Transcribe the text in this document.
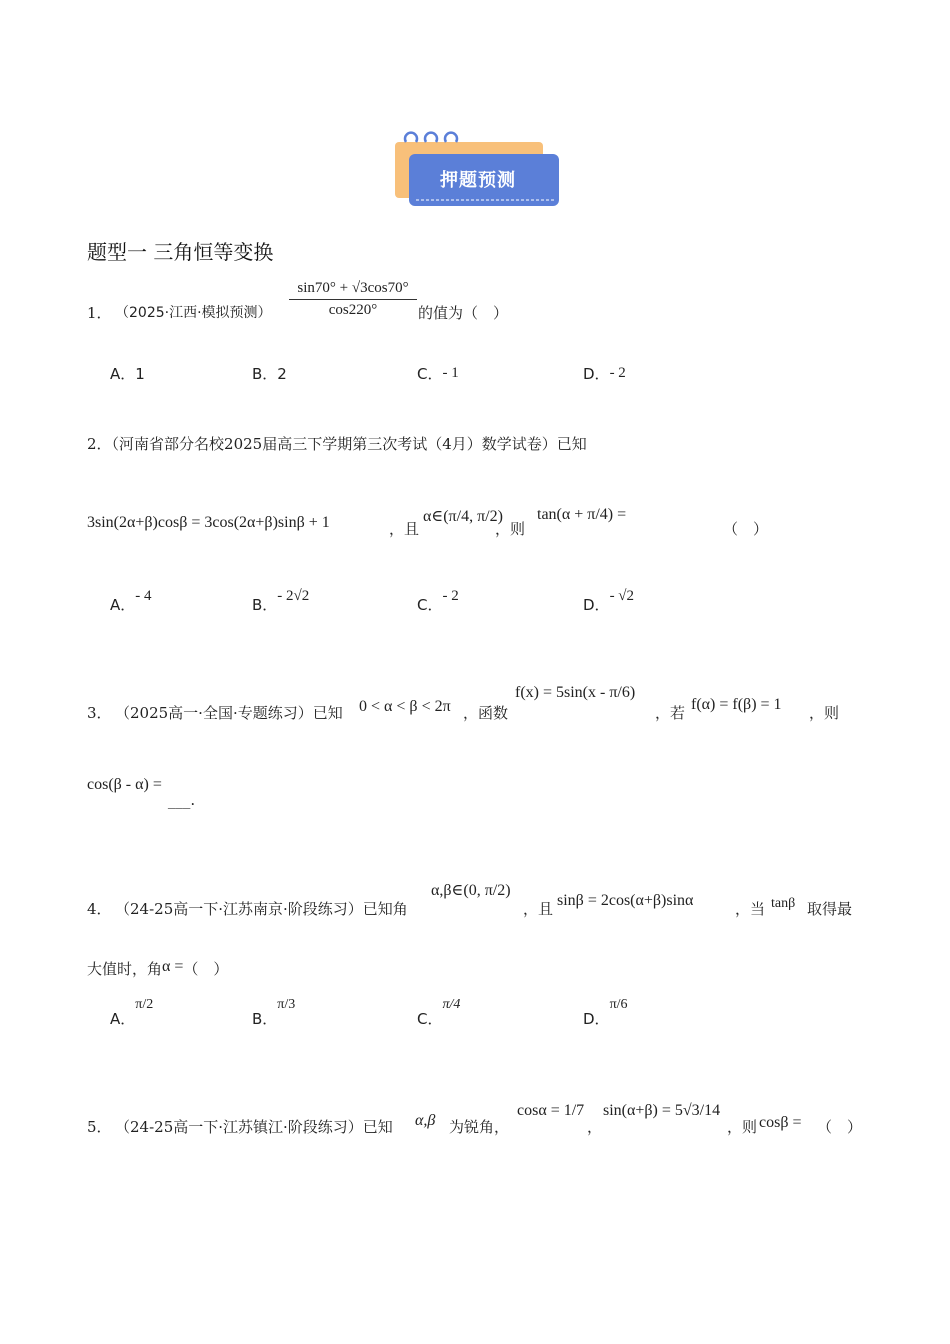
押题预测
题型一 三角恒等变换
1． （2025·江西·模拟预测） $\frac{\sin 70^\circ + √3\cos 70^\circ}{\cos 220^\circ}$ 的值为（　）
A．1	B．2	C．- 1	D．- 2
2．（河南省部分名校2025届高三下学期第三次考试（4月）数学试卷）已知
3sin(2α+β)cosβ = 3cos(2α+β)sinβ + 1	，且
α∈(π/4, π/2)
，则
tan(α + π/4) =
（　）
A．- 4	B．- 2√2	C．- 2	D．- √2
3． （2025高一·全国·专题练习）已知 0 < α < β < 2π ，函数
f(x) = 5sin(x - π/6)
，若 f(α) = f(β) = 1 ，则
cos(β - α) =___.
4． （24-25高一下·江苏南京·阶段练习）已知角
α,β∈(0, π/2)
，且 sinβ = 2cos(α+β)sinα	，当 tanβ 取得最
大值时，角α =（　）
A．π/2
B．π/3
C．π/4
D．π/6
5． （24-25高一下·江苏镇江·阶段练习）已知 α,β 为锐角，
cosα = 1/7
，
sin(α+β) = 5√3/14
，则 cosβ = （　）
